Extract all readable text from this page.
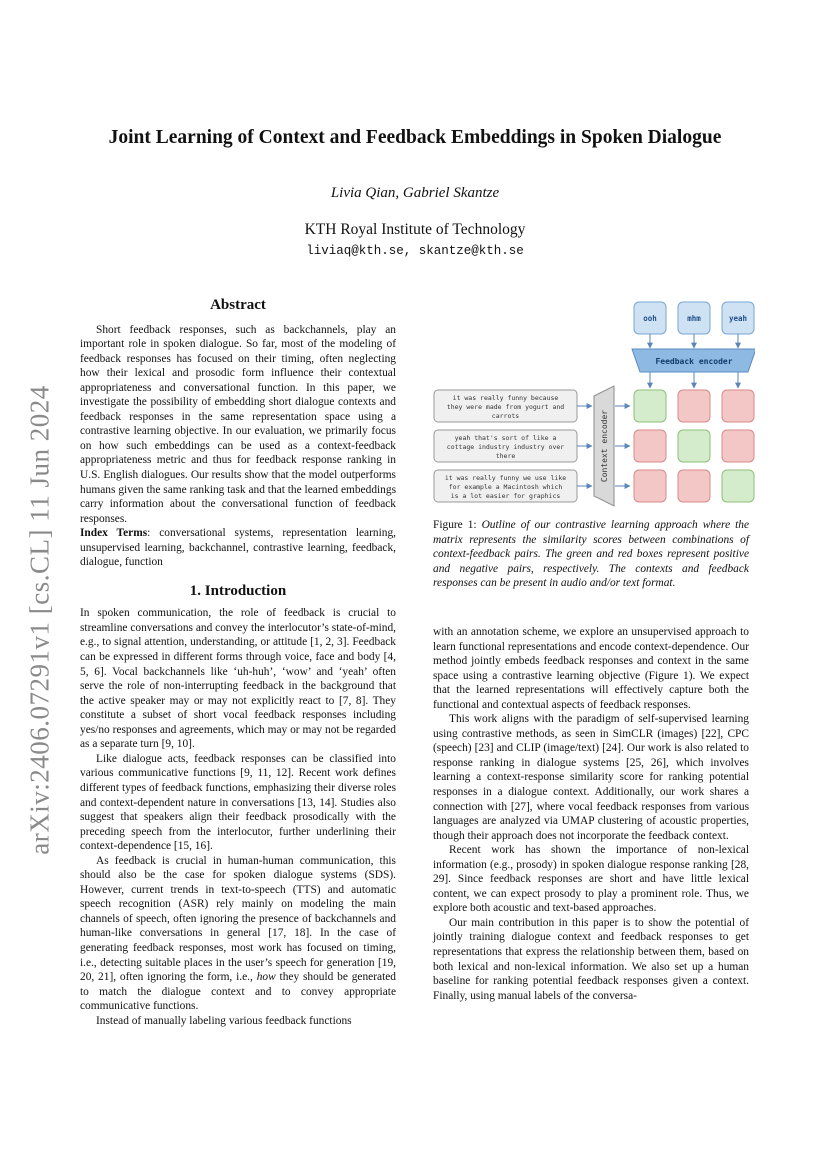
arXiv:2406.07291v1 [cs.CL] 11 Jun 2024
Joint Learning of Context and Feedback Embeddings in Spoken Dialogue

Livia Qian, Gabriel Skantze

KTH Royal Institute of Technology

liviaq@kth.se, skantze@kth.se

Abstract

Short feedback responses, such as backchannels, play an important role in spoken dialogue. So far, most of the modeling of feedback responses has focused on their timing, often neglecting how their lexical and prosodic form influence their contextual appropriateness and conversational function. In this paper, we investigate the possibility of embedding short dialogue contexts and feedback responses in the same representation space using a contrastive learning objective. In our evaluation, we primarily focus on how such embeddings can be used as a context-feedback appropriateness metric and thus for feedback response ranking in U.S. English dialogues. Our results show that the model outperforms humans given the same ranking task and that the learned embeddings carry information about the conversational function of feedback responses.

Index Terms: conversational systems, representation learning, unsupervised learning, backchannel, contrastive learning, feedback, dialogue, function

1. Introduction

In spoken communication, the role of feedback is crucial to streamline conversations and convey the interlocutor’s state-of-mind, e.g., to signal attention, understanding, or attitude [1, 2, 3]. Feedback can be expressed in different forms through voice, face and body [4, 5, 6]. Vocal backchannels like ‘uh-huh’, ‘wow’ and ‘yeah’ often serve the role of non-interrupting feedback in the background that the active speaker may or may not explicitly react to [7, 8]. They constitute a subset of short vocal feedback responses including yes/no responses and agreements, which may or may not be regarded as a separate turn [9, 10].

Like dialogue acts, feedback responses can be classified into various communicative functions [9, 11, 12]. Recent work defines different types of feedback functions, emphasizing their diverse roles and context-dependent nature in conversations [13, 14]. Studies also suggest that speakers align their feedback prosodically with the preceding speech from the interlocutor, further underlining their context-dependence [15, 16].

As feedback is crucial in human-human communication, this should also be the case for spoken dialogue systems (SDS). However, current trends in text-to-speech (TTS) and automatic speech recognition (ASR) rely mainly on modeling the main channels of speech, often ignoring the presence of backchannels and human-like conversations in general [17, 18]. In the case of generating feedback responses, most work has focused on timing, i.e., detecting suitable places in the user’s speech for generation [19, 20, 21], often ignoring the form, i.e., how they should be generated to match the dialogue context and to convey appropriate communicative functions.

Instead of manually labeling various feedback functions

ooh	mhm	yeah
Feedback encoder
it was really funny because
they were made from yogurt and
carrots
yeah that's sort of like a
cottage industry industry over
there
it was really funny we use like
for example a Macintosh which
is a lot easier for graphics
Context encoder
Figure 1: Outline of our contrastive learning approach where the matrix represents the similarity scores between combinations of context-feedback pairs. The green and red boxes represent positive and negative pairs, respectively. The contexts and feedback responses can be present in audio and/or text format.

with an annotation scheme, we explore an unsupervised approach to learn functional representations and encode context-dependence. Our method jointly embeds feedback responses and context in the same space using a contrastive learning objective (Figure 1). We expect that the learned representations will effectively capture both the functional and contextual aspects of feedback responses.

This work aligns with the paradigm of self-supervised learning using contrastive methods, as seen in SimCLR (images) [22], CPC (speech) [23] and CLIP (image/text) [24]. Our work is also related to response ranking in dialogue systems [25, 26], which involves learning a context-response similarity score for ranking potential responses in a dialogue context. Additionally, our work shares a connection with [27], where vocal feedback responses from various languages are analyzed via UMAP clustering of acoustic properties, though their approach does not incorporate the feedback context.

Recent work has shown the importance of non-lexical information (e.g., prosody) in spoken dialogue response ranking [28, 29]. Since feedback responses are short and have little lexical content, we can expect prosody to play a prominent role. Thus, we explore both acoustic and text-based approaches.

Our main contribution in this paper is to show the potential of jointly training dialogue context and feedback responses to get representations that express the relationship between them, based on both lexical and non-lexical information. We also set up a human baseline for ranking potential feedback responses given a context. Finally, using manual labels of the conversa-
